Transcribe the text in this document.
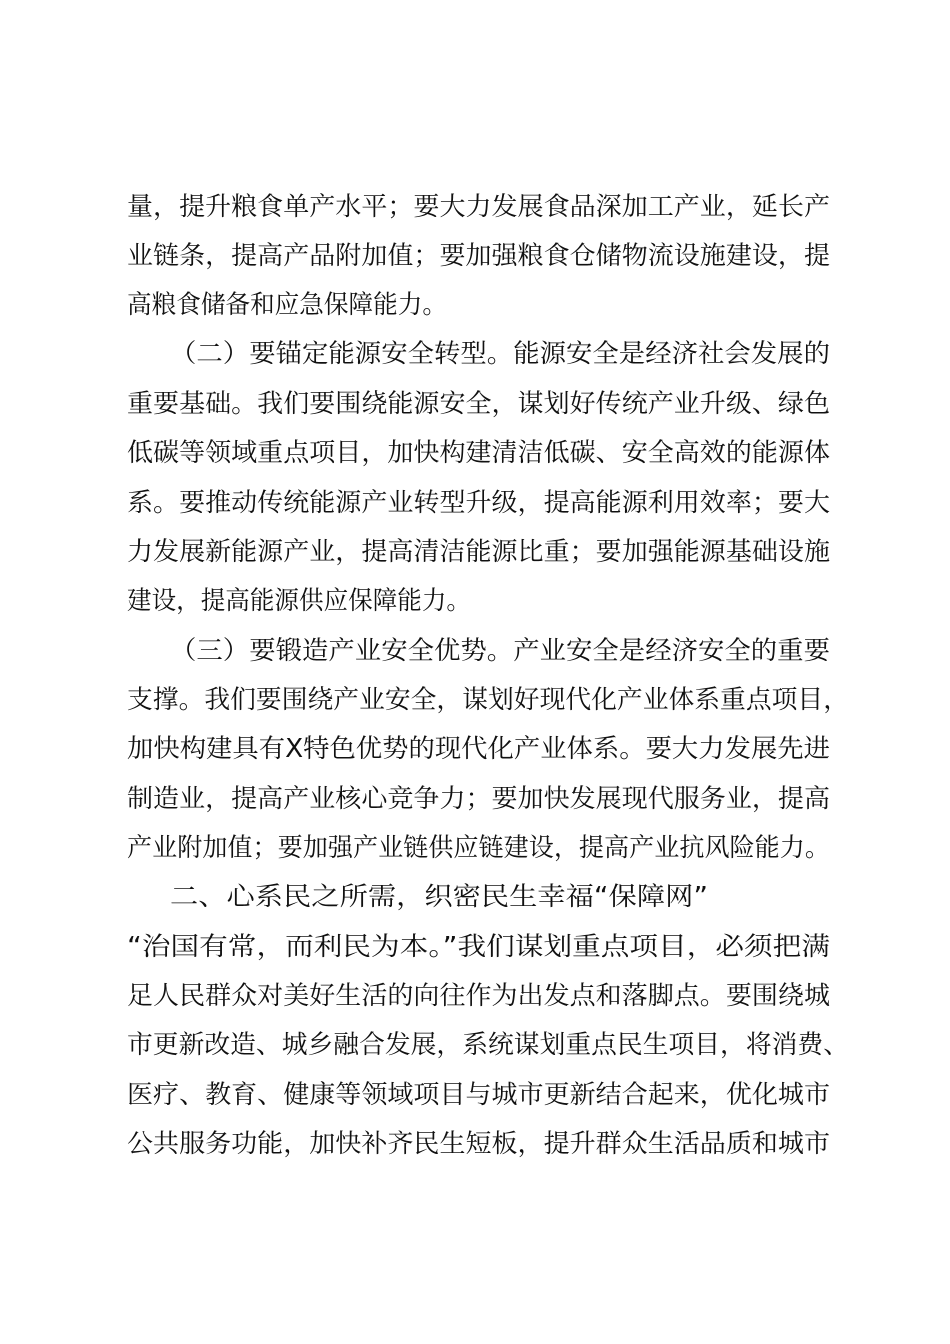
量，提升粮食单产水平；要大力发展食品深加工产业，延长产
业链条，提高产品附加值；要加强粮食仓储物流设施建设，提
高粮食储备和应急保障能力。
（二）要锚定能源安全转型。能源安全是经济社会发展的
重要基础。我们要围绕能源安全，谋划好传统产业升级、绿色
低碳等领域重点项目，加快构建清洁低碳、安全高效的能源体
系。要推动传统能源产业转型升级，提高能源利用效率；要大
力发展新能源产业，提高清洁能源比重；要加强能源基础设施
建设，提高能源供应保障能力。
（三）要锻造产业安全优势。产业安全是经济安全的重要
支撑。我们要围绕产业安全，谋划好现代化产业体系重点项目，
加快构建具有X特色优势的现代化产业体系。要大力发展先进
制造业，提高产业核心竞争力；要加快发展现代服务业，提高
产业附加值；要加强产业链供应链建设，提高产业抗风险能力。
二、心系民之所需，织密民生幸福“保障网”
“治国有常，而利民为本。”我们谋划重点项目，必须把满
足人民群众对美好生活的向往作为出发点和落脚点。要围绕城
市更新改造、城乡融合发展，系统谋划重点民生项目，将消费、
医疗、教育、健康等领域项目与城市更新结合起来，优化城市
公共服务功能，加快补齐民生短板，提升群众生活品质和城市
